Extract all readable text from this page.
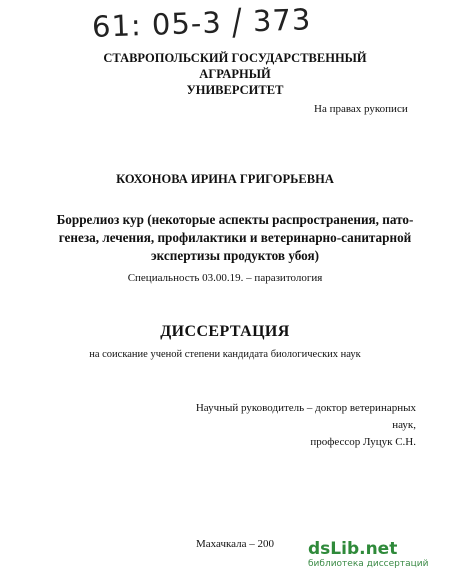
61: 05-3 / 373
СТАВРОПОЛЬСКИЙ ГОСУДАРСТВЕННЫЙ АГРАРНЫЙ
УНИВЕРСИТЕТ
На правах рукописи
КОХОНОВА ИРИНА ГРИГОРЬЕВНА
Боррелиоз кур (некоторые аспекты распространения, пато-
генеза, лечения, профилактики и ветеринарно-санитарной
экспертизы продуктов убоя)
Специальность 03.00.19. – паразитология
ДИССЕРТАЦИЯ
на соискание ученой степени кандидата биологических наук
Научный руководитель – доктор ветеринарных наук,
профессор Луцук С.Н.
Махачкала – 200 dsLib.net
библиотека диссертаций
